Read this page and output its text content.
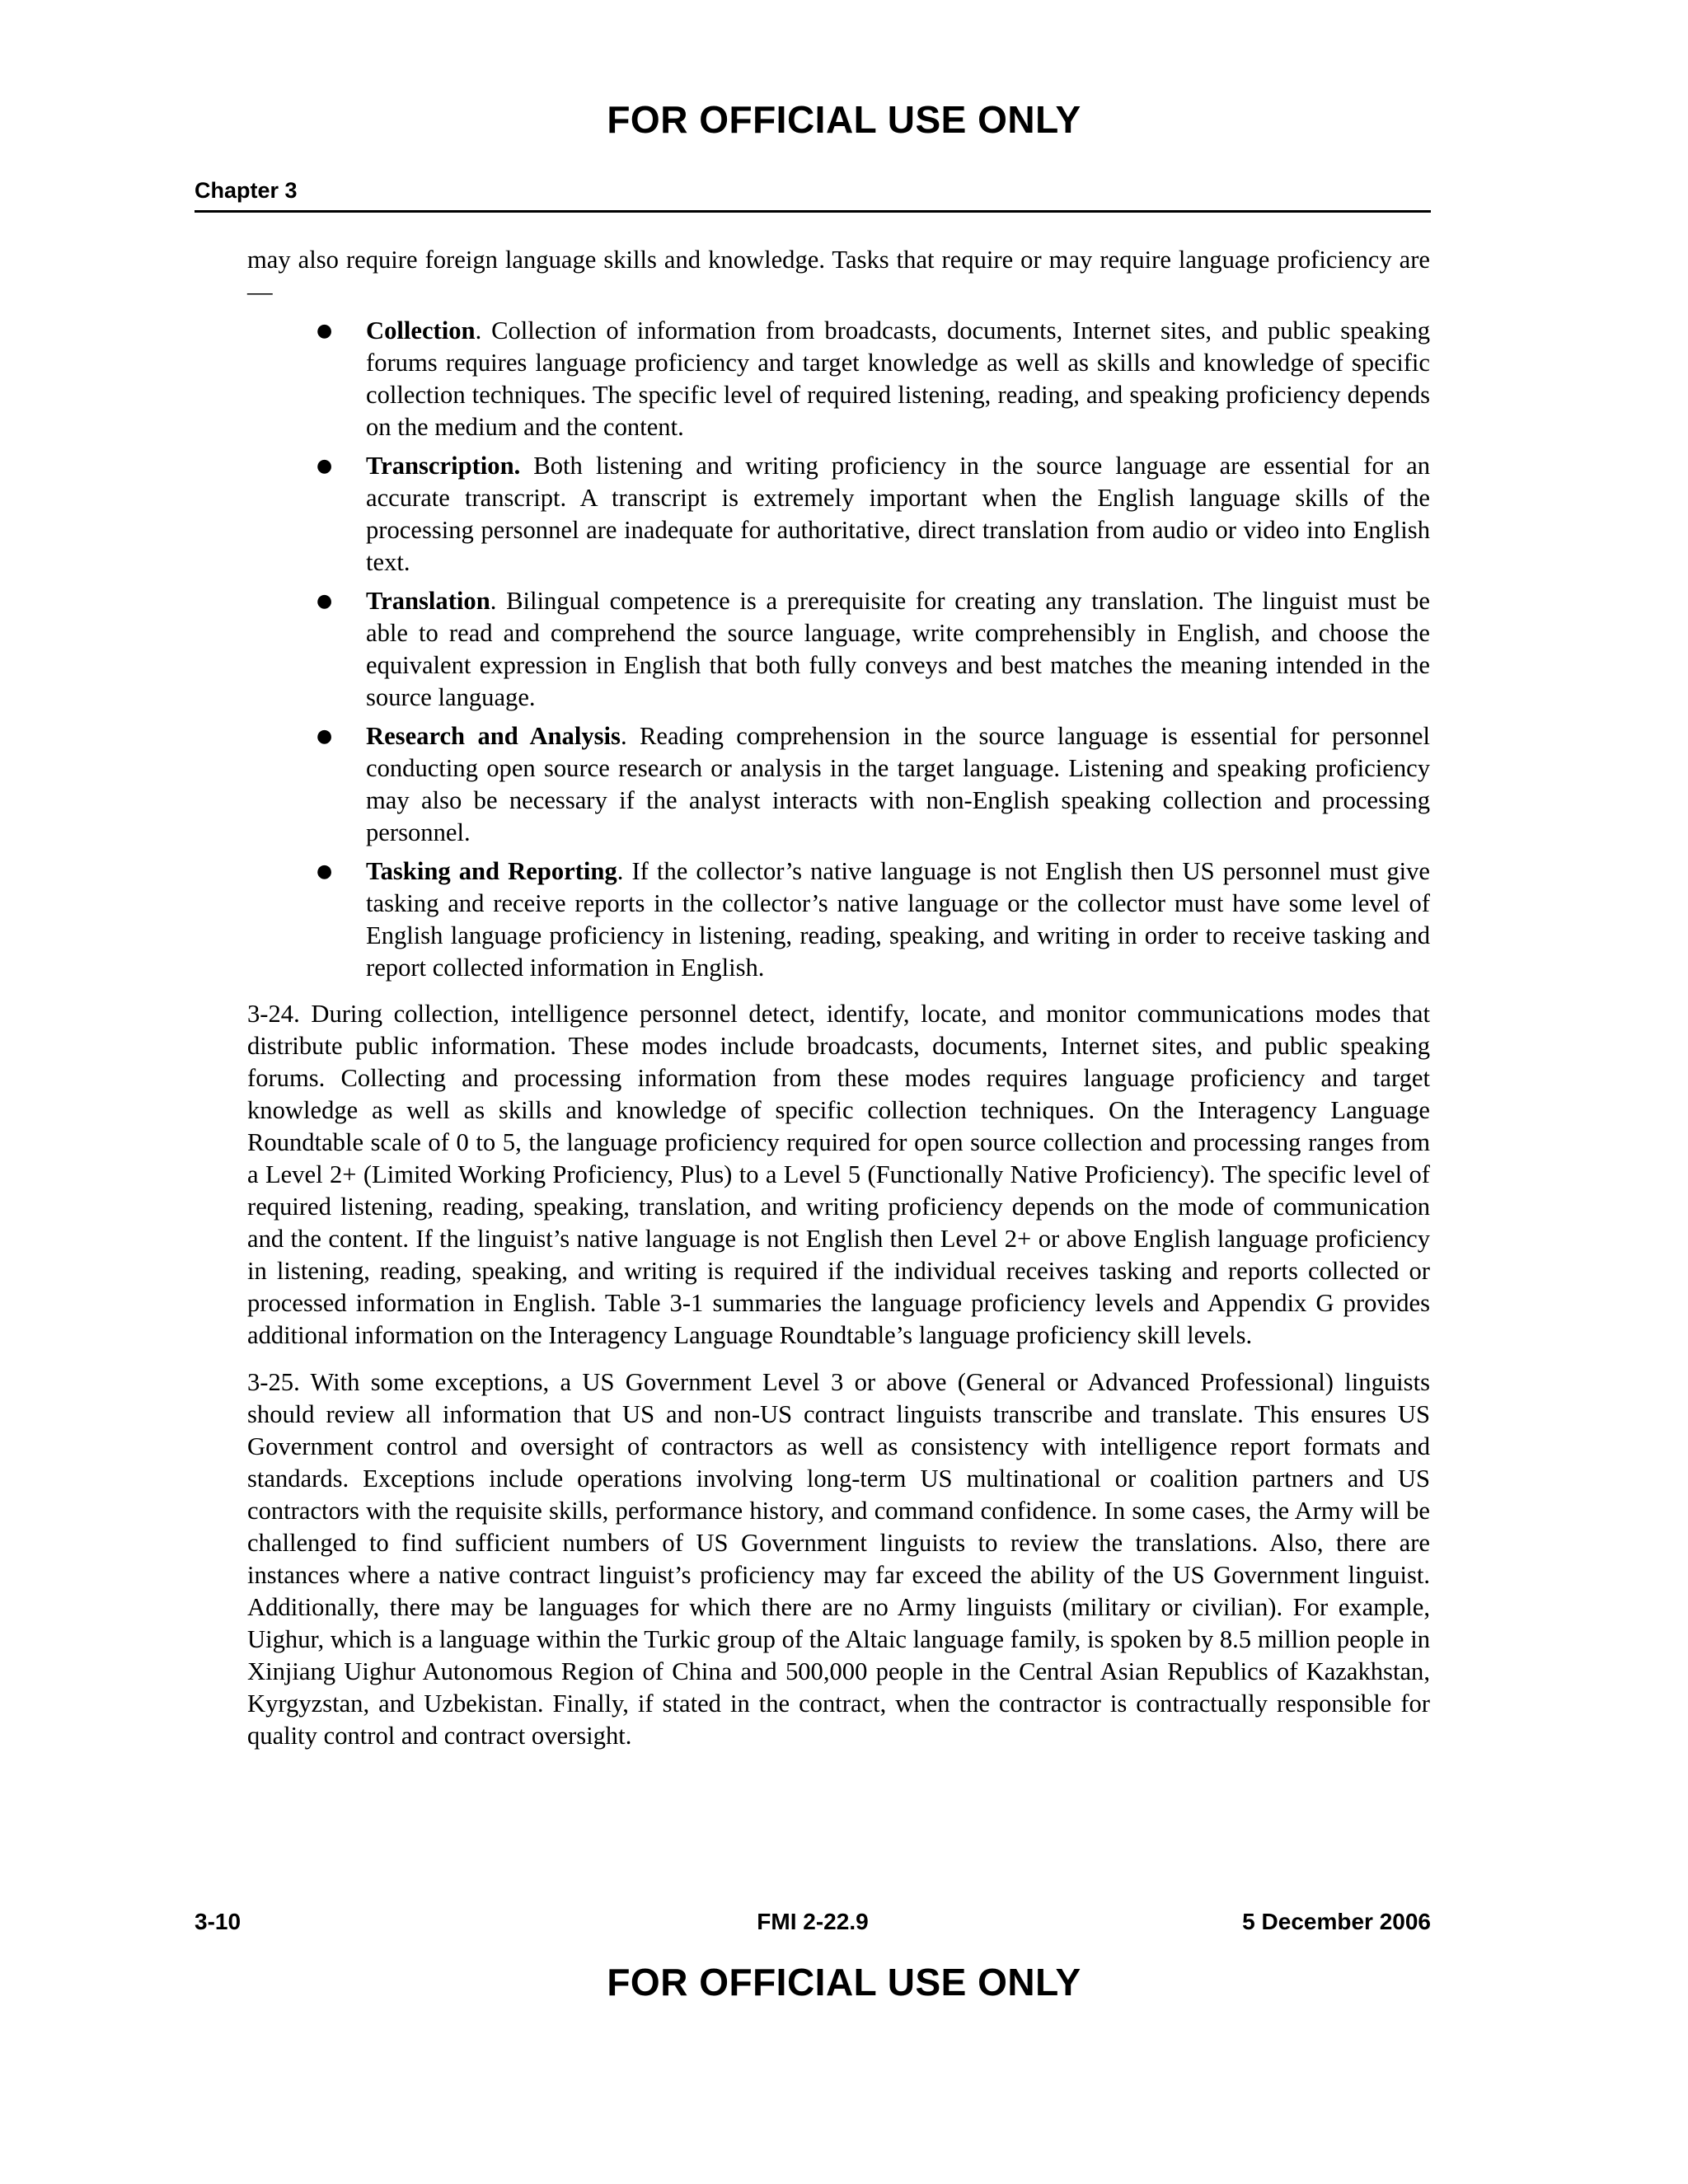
FOR OFFICIAL USE ONLY
Chapter 3

may also require foreign language skills and knowledge. Tasks that require or may require language proficiency are—

● Collection. Collection of information from broadcasts, documents, Internet sites, and public speaking forums requires language proficiency and target knowledge as well as skills and knowledge of specific collection techniques. The specific level of required listening, reading, and speaking proficiency depends on the medium and the content.
● Transcription. Both listening and writing proficiency in the source language are essential for an accurate transcript. A transcript is extremely important when the English language skills of the processing personnel are inadequate for authoritative, direct translation from audio or video into English text.
● Translation. Bilingual competence is a prerequisite for creating any translation. The linguist must be able to read and comprehend the source language, write comprehensibly in English, and choose the equivalent expression in English that both fully conveys and best matches the meaning intended in the source language.
● Research and Analysis. Reading comprehension in the source language is essential for personnel conducting open source research or analysis in the target language. Listening and speaking proficiency may also be necessary if the analyst interacts with non-English speaking collection and processing personnel.
● Tasking and Reporting. If the collector’s native language is not English then US personnel must give tasking and receive reports in the collector’s native language or the collector must have some level of English language proficiency in listening, reading, speaking, and writing in order to receive tasking and report collected information in English.

3-24. During collection, intelligence personnel detect, identify, locate, and monitor communications modes that distribute public information. These modes include broadcasts, documents, Internet sites, and public speaking forums. Collecting and processing information from these modes requires language proficiency and target knowledge as well as skills and knowledge of specific collection techniques. On the Interagency Language Roundtable scale of 0 to 5, the language proficiency required for open source collection and processing ranges from a Level 2+ (Limited Working Proficiency, Plus) to a Level 5 (Functionally Native Proficiency). The specific level of required listening, reading, speaking, translation, and writing proficiency depends on the mode of communication and the content. If the linguist’s native language is not English then Level 2+ or above English language proficiency in listening, reading, speaking, and writing is required if the individual receives tasking and reports collected or processed information in English. Table 3-1 summaries the language proficiency levels and Appendix G provides additional information on the Interagency Language Roundtable’s language proficiency skill levels.

3-25. With some exceptions, a US Government Level 3 or above (General or Advanced Professional) linguists should review all information that US and non-US contract linguists transcribe and translate. This ensures US Government control and oversight of contractors as well as consistency with intelligence report formats and standards. Exceptions include operations involving long-term US multinational or coalition partners and US contractors with the requisite skills, performance history, and command confidence. In some cases, the Army will be challenged to find sufficient numbers of US Government linguists to review the translations. Also, there are instances where a native contract linguist’s proficiency may far exceed the ability of the US Government linguist. Additionally, there may be languages for which there are no Army linguists (military or civilian). For example, Uighur, which is a language within the Turkic group of the Altaic language family, is spoken by 8.5 million people in Xinjiang Uighur Autonomous Region of China and 500,000 people in the Central Asian Republics of Kazakhstan, Kyrgyzstan, and Uzbekistan. Finally, if stated in the contract, when the contractor is contractually responsible for quality control and contract oversight.

3-10	FMI 2-22.9	5 December 2006
FOR OFFICIAL USE ONLY
